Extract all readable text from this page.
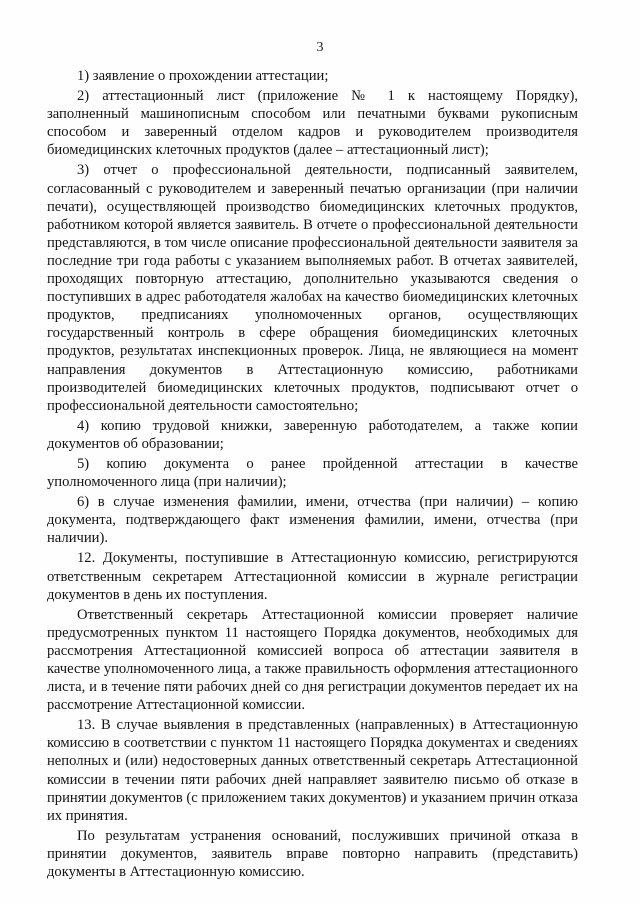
3

1) заявление о прохождении аттестации;

2) аттестационный лист (приложение № 1 к настоящему Порядку), заполненный машинописным способом или печатными буквами рукописным способом и заверенный отделом кадров и руководителем производителя биомедицинских клеточных продуктов (далее – аттестационный лист);

3) отчет о профессиональной деятельности, подписанный заявителем, согласованный с руководителем и заверенный печатью организации (при наличии печати), осуществляющей производство биомедицинских клеточных продуктов, работником которой является заявитель. В отчете о профессиональной деятельности представляются, в том числе описание профессиональной деятельности заявителя за последние три года работы с указанием выполняемых работ. В отчетах заявителей, проходящих повторную аттестацию, дополнительно указываются сведения о поступивших в адрес работодателя жалобах на качество биомедицинских клеточных продуктов, предписаниях уполномоченных органов, осуществляющих государственный контроль в сфере обращения биомедицинских клеточных продуктов, результатах инспекционных проверок. Лица, не являющиеся на момент направления документов в Аттестационную комиссию, работниками производителей биомедицинских клеточных продуктов, подписывают отчет о профессиональной деятельности самостоятельно;

4) копию трудовой книжки, заверенную работодателем, а также копии документов об образовании;

5) копию документа о ранее пройденной аттестации в качестве уполномоченного лица (при наличии);

6) в случае изменения фамилии, имени, отчества (при наличии) – копию документа, подтверждающего факт изменения фамилии, имени, отчества (при наличии).

12. Документы, поступившие в Аттестационную комиссию, регистрируются ответственным секретарем Аттестационной комиссии в журнале регистрации документов в день их поступления.

Ответственный секретарь Аттестационной комиссии проверяет наличие предусмотренных пунктом 11 настоящего Порядка документов, необходимых для рассмотрения Аттестационной комиссией вопроса об аттестации заявителя в качестве уполномоченного лица, а также правильность оформления аттестационного листа, и в течение пяти рабочих дней со дня регистрации документов передает их на рассмотрение Аттестационной комиссии.

13. В случае выявления в представленных (направленных) в Аттестационную комиссию в соответствии с пунктом 11 настоящего Порядка документах и сведениях неполных и (или) недостоверных данных ответственный секретарь Аттестационной комиссии в течении пяти рабочих дней направляет заявителю письмо об отказе в принятии документов (с приложением таких документов) и указанием причин отказа их принятия.

По результатам устранения оснований, послуживших причиной отказа в принятии документов, заявитель вправе повторно направить (представить) документы в Аттестационную комиссию.
